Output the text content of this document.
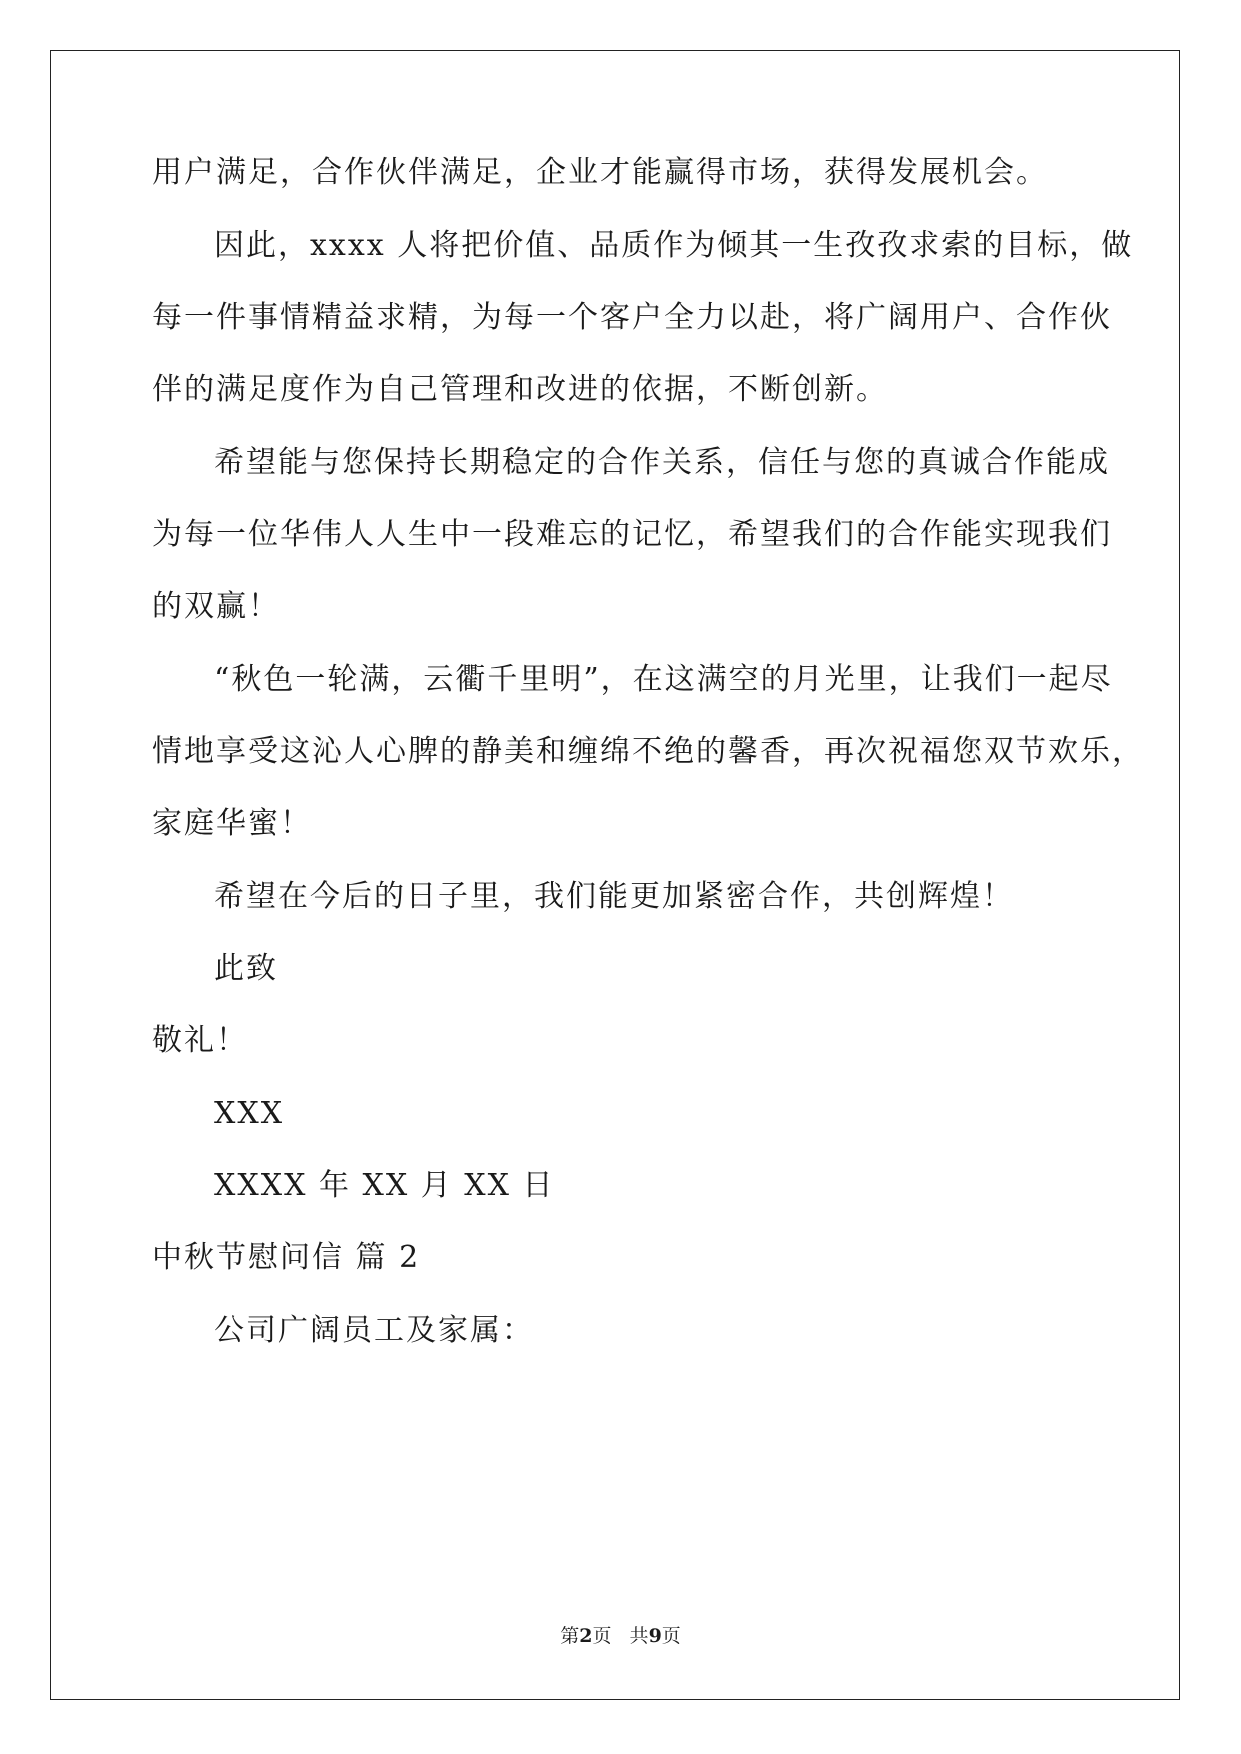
用户满足，合作伙伴满足，企业才能赢得市场，获得发展机会。
因此，xxxx 人将把价值、品质作为倾其一生孜孜求索的目标，做
每一件事情精益求精，为每一个客户全力以赴，将广阔用户、合作伙
伴的满足度作为自己管理和改进的依据，不断创新。
希望能与您保持长期稳定的合作关系，信任与您的真诚合作能成
为每一位华伟人人生中一段难忘的记忆，希望我们的合作能实现我们
的双赢！
“秋色一轮满，云衢千里明”，在这满空的月光里，让我们一起尽
情地享受这沁人心脾的静美和缠绵不绝的馨香，再次祝福您双节欢乐，
家庭华蜜！
希望在今后的日子里，我们能更加紧密合作，共创辉煌！
此致
敬礼！
XXX
XXXX 年 XX 月 XX 日
中秋节慰问信 篇 2
公司广阔员工及家属：
第2页   共9页
